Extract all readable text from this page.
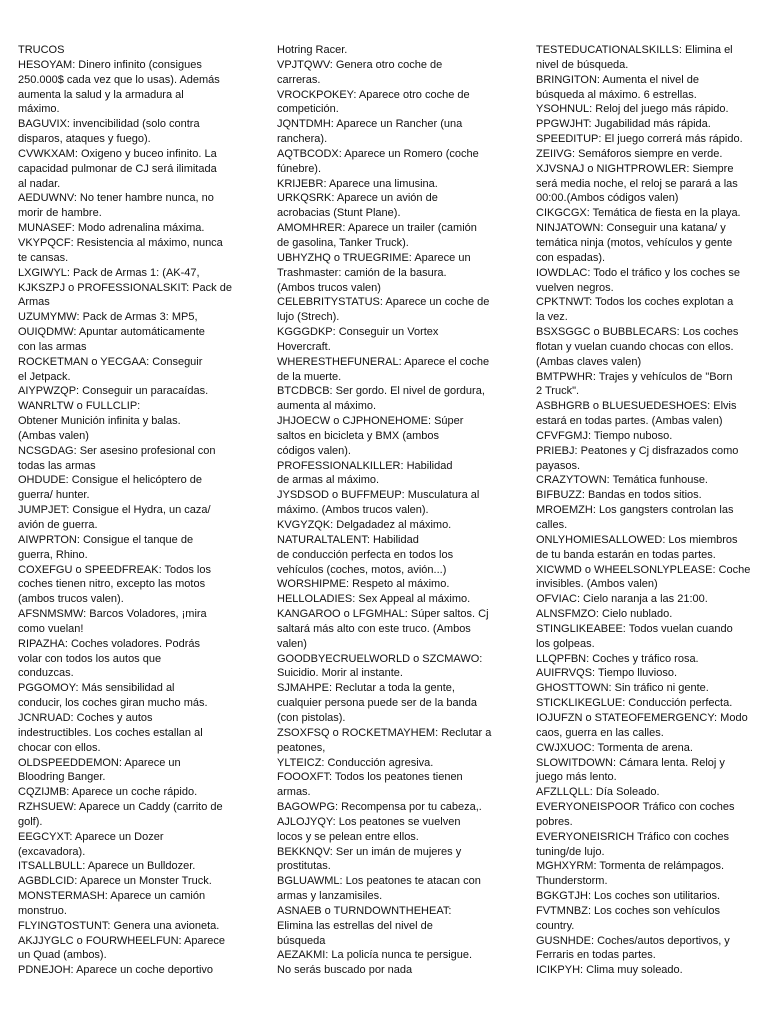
TRUCOS
HESOYAM: Dinero infinito (consigues
250.000$ cada vez que lo usas). Además
aumenta la salud y la armadura al
máximo.
BAGUVIX: invencibilidad (solo contra
disparos, ataques y fuego).
CVWKXAM: Oxigeno y buceo infinito. La
capacidad pulmonar de CJ será ilimitada
al nadar.
AEDUWNV: No tener hambre nunca, no
morir de hambre.
MUNASEF: Modo adrenalina máxima.
VKYPQCF: Resistencia al máximo, nunca
te cansas.
LXGIWYL: Pack de Armas 1: (AK-47,
KJKSZPJ o PROFESSIONALSKIT: Pack de
Armas
UZUMYMW: Pack de Armas 3: MP5,
OUIQDMW: Apuntar automáticamente
con las armas
ROCKETMAN o YECGAA: Conseguir
el Jetpack.
AIYPWZQP: Conseguir un paracaídas.
WANRLTW o FULLCLIP:
Obtener Munición infinita y balas.
(Ambas valen)
NCSGDAG: Ser asesino profesional con
todas las armas
OHDUDE: Consigue el helicóptero de
guerra/ hunter.
JUMPJET: Consigue el Hydra, un caza/
avión de guerra.
AIWPRTON: Consigue el tanque de
guerra, Rhino.
COXEFGU o SPEEDFREAK: Todos los
coches tienen nitro, excepto las motos
(ambos trucos valen).
AFSNMSMW: Barcos Voladores, ¡mira
como vuelan!
RIPAZHA: Coches voladores. Podrás
volar con todos los autos que
conduzcas.
PGGOMOY: Más sensibilidad al
conducir, los coches giran mucho más.
JCNRUAD: Coches y autos
indestructibles. Los coches estallan al
chocar con ellos.
OLDSPEEDDEMON: Aparece un
Bloodring Banger.
CQZIJMB: Aparece un coche rápido.
RZHSUEW: Aparece un Caddy (carrito de
golf).
EEGCYXT: Aparece un Dozer
(excavadora).
ITSALLBULL: Aparece un Bulldozer.
AGBDLCID: Aparece un Monster Truck.
MONSTERMASH: Aparece un camión
monstruo.
FLYINGTOSTUNT: Genera una avioneta.
AKJJYGLC o FOURWHEELFUN: Aparece
un Quad (ambos).
PDNEJOH: Aparece un coche deportivo
Hotring Racer.
VPJTQWV: Genera otro coche de
carreras.
VROCKPOKEY: Aparece otro coche de
competición.
JQNTDMH: Aparece un Rancher (una
ranchera).
AQTBCODX: Aparece un Romero (coche
fúnebre).
KRIJEBR: Aparece una limusina.
URKQSRK: Aparece un avión de
acrobacias (Stunt Plane).
AMOMHRER: Aparece un trailer (camión
de gasolina, Tanker Truck).
UBHYZHQ o TRUEGRIME: Aparece un
Trashmaster: camión de la basura.
(Ambos trucos valen)
CELEBRITYSTATUS: Aparece un coche de
lujo (Strech).
KGGGDKP: Conseguir un Vortex
Hovercraft.
WHERESTHEFUNERAL: Aparece el coche
de la muerte.
BTCDBCB: Ser gordo. El nivel de gordura,
aumenta al máximo.
JHJOECW o CJPHONEHOME: Súper
saltos en bicicleta y BMX (ambos
códigos valen).
PROFESSIONALKILLER: Habilidad
de armas al máximo.
JYSDSOD o BUFFMEUP: Musculatura al
máximo. (Ambos trucos valen).
KVGYZQK: Delgadadez al máximo.
NATURALTALENT: Habilidad
de conducción perfecta en todos los
vehículos (coches, motos, avión...)
WORSHIPME: Respeto al máximo.
HELLOLADIES: Sex Appeal al máximo.
KANGAROO o LFGMHAL: Súper saltos. Cj
saltará más alto con este truco. (Ambos
valen)
GOODBYECRUELWORLD o SZCMAWO:
Suicidio. Morir al instante.
SJMAHPE: Reclutar a toda la gente,
cualquier persona puede ser de la banda
(con pistolas).
ZSOXFSQ o ROCKETMAYHEM: Reclutar a
peatones,
YLTEICZ: Conducción agresiva.
FOOOXFT: Todos los peatones tienen
armas.
BAGOWPG: Recompensa por tu cabeza,.
AJLOJYQY: Los peatones se vuelven
locos y se pelean entre ellos.
BEKKNQV: Ser un imán de mujeres y
prostitutas.
BGLUAWML: Los peatones te atacan con
armas y lanzamisiles.
ASNAEB o TURNDOWNTHEHEAT:
Elimina las estrellas del nivel de
búsqueda
AEZAKMI: La policía nunca te persigue.
No serás buscado por nada
TESTEDUCATIONALSKILLS: Elimina el
nivel de búsqueda.
BRINGITON: Aumenta el nivel de
búsqueda al máximo. 6 estrellas.
YSOHNUL: Reloj del juego más rápido.
PPGWJHT: Jugabilidad más rápida.
SPEEDITUP: El juego correrá más rápido.
ZEIIVG: Semáforos siempre en verde.
XJVSNAJ o NIGHTPROWLER: Siempre
será media noche, el reloj se parará a las
00:00.(Ambos códigos valen)
CIKGCGX: Temática de fiesta en la playa.
NINJATOWN: Conseguir una katana/ y
temática ninja (motos, vehículos y gente
con espadas).
IOWDLAC: Todo el tráfico y los coches se
vuelven negros.
CPKTNWT: Todos los coches explotan a
la vez.
BSXSGGC o BUBBLECARS: Los coches
flotan y vuelan cuando chocas con ellos.
(Ambas claves valen)
BMTPWHR: Trajes y vehículos de "Born
2 Truck".
ASBHGRB o BLUESUEDESHOES: Elvis
estará en todas partes. (Ambas valen)
CFVFGMJ: Tiempo nuboso.
PRIEBJ: Peatones y Cj disfrazados como
payasos.
CRAZYTOWN: Temática funhouse.
BIFBUZZ: Bandas en todos sitios.
MROEMZH: Los gangsters controlan las
calles.
ONLYHOMIESALLOWED: Los miembros
de tu banda estarán en todas partes.
XICWMD o WHEELSONLYPLEASE: Coche
invisibles. (Ambos valen)
OFVIAC: Cielo naranja a las 21:00.
ALNSFMZO: Cielo nublado.
STINGLIKEABEE: Todos vuelan cuando
los golpeas.
LLQPFBN: Coches y tráfico rosa.
AUIFRVQS: Tiempo lluvioso.
GHOSTTOWN: Sin tráfico ni gente.
STICKLIKEGLUE: Conducción perfecta.
IOJUFZN o STATEOFEMERGENCY: Modo
caos, guerra en las calles.
CWJXUOC: Tormenta de arena.
SLOWITDOWN: Cámara lenta. Reloj y
juego más lento.
AFZLLQLL: Día Soleado.
EVERYONEISPOOR Tráfico con coches
pobres.
EVERYONEISRICH Tráfico con coches
tuning/de lujo.
MGHXYRM: Tormenta de relámpagos.
Thunderstorm.
BGKGTJH: Los coches son utilitarios.
FVTMNBZ: Los coches son vehículos
country.
GUSNHDE: Coches/autos deportivos, y
Ferraris en todas partes.
ICIKPYH: Clima muy soleado.
